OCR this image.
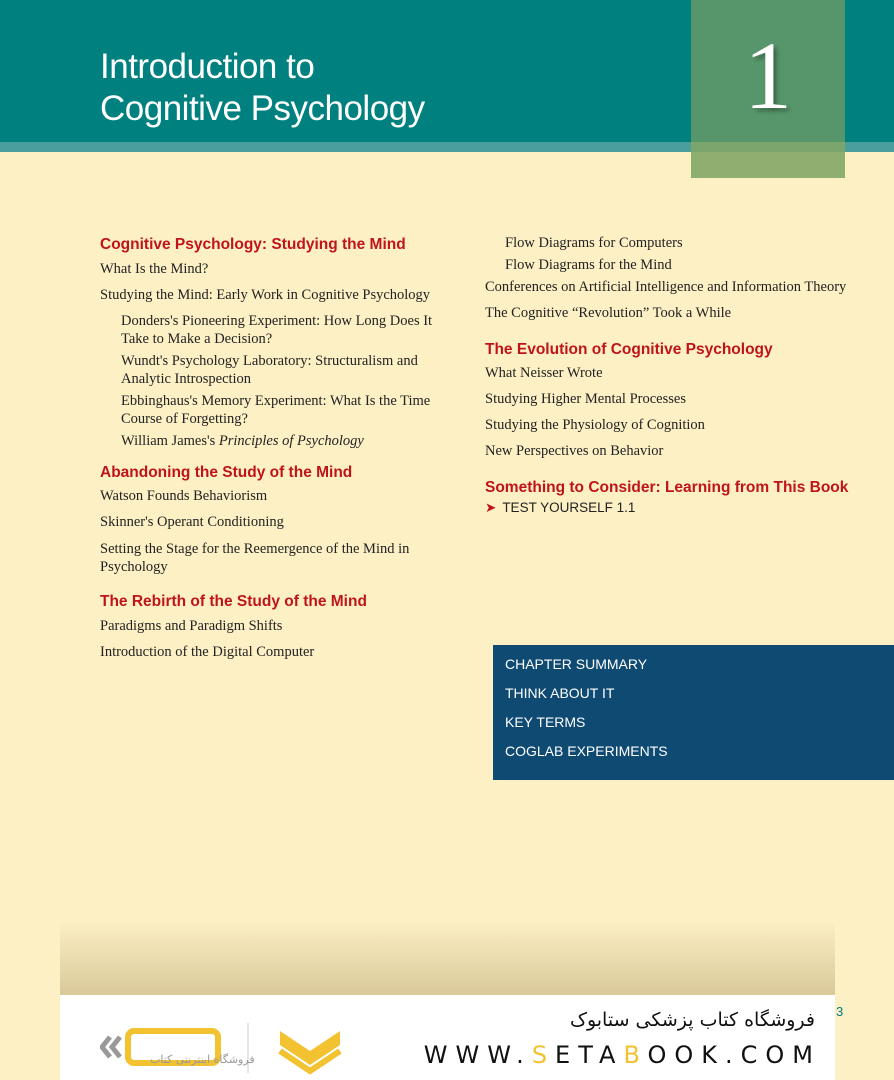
Introduction to
Cognitive Psychology	1
Cognitive Psychology: Studying the Mind
What Is the Mind?
Studying the Mind: Early Work in Cognitive Psychology
Donders's Pioneering Experiment: How Long Does It Take to Make a Decision?
Wundt's Psychology Laboratory: Structuralism and Analytic Introspection
Ebbinghaus's Memory Experiment: What Is the Time Course of Forgetting?
William James's Principles of Psychology
Abandoning the Study of the Mind
Watson Founds Behaviorism
Skinner's Operant Conditioning
Setting the Stage for the Reemergence of the Mind in Psychology
The Rebirth of the Study of the Mind
Paradigms and Paradigm Shifts
Introduction of the Digital Computer
Flow Diagrams for Computers
Flow Diagrams for the Mind
Conferences on Artificial Intelligence and Information Theory
The Cognitive “Revolution” Took a While
The Evolution of Cognitive Psychology
What Neisser Wrote
Studying Higher Mental Processes
Studying the Physiology of Cognition
New Perspectives on Behavior
Something to Consider: Learning from This Book
➤ TEST YOURSELF 1.1
CHAPTER SUMMARY
THINK ABOUT IT
KEY TERMS
COGLAB EXPERIMENTS
فروشگاه اینترنتی کتاب
فروشگاه کتاب پزشکی ستابوک
WWW.SETABOOK.COM
3
